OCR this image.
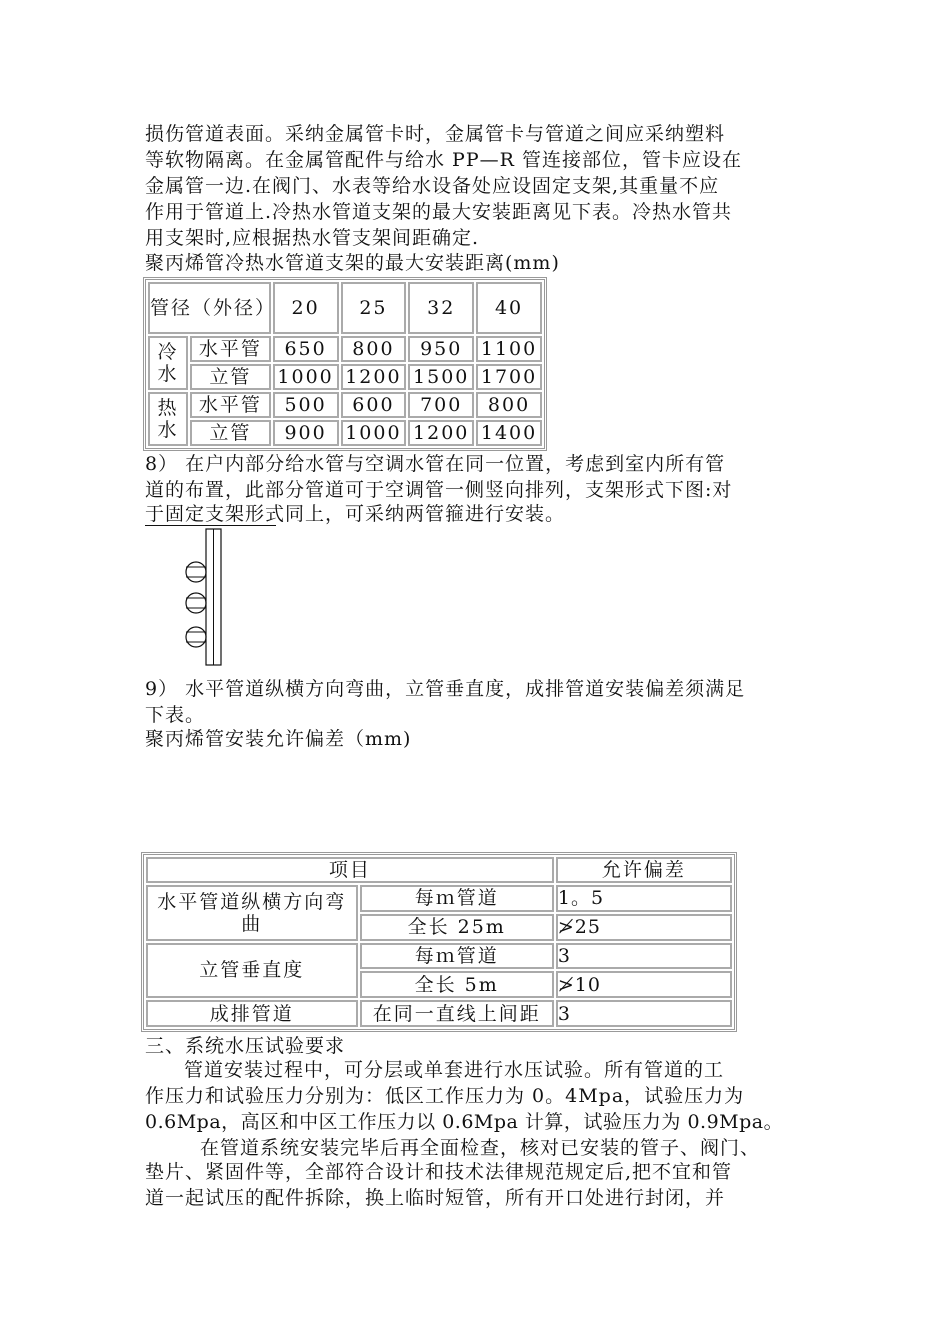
损伤管道表面。采纳金属管卡时，金属管卡与管道之间应采纳塑料
等软物隔离。在金属管配件与给水 PP—R 管连接部位，管卡应设在
金属管一边.在阀门、水表等给水设备处应设固定支架,其重量不应
作用于管道上.冷热水管道支架的最大安装距离见下表。冷热水管共
用支架时,应根据热水管支架间距确定.
聚丙烯管冷热水管道支架的最大安装距离(mm)
管径（外径）		20	25	32	40
冷水	水平管	650	800	950	1100
	立管	1000	1200	1500	1700
热水	水平管	500	600	700	800
	立管	900	1000	1200	1400
8） 在户内部分给水管与空调水管在同一位置，考虑到室内所有管
道的布置，此部分管道可于空调管一侧竖向排列，支架形式下图:对
于固定支架形式同上，可采纳两管箍进行安装。
9） 水平管道纵横方向弯曲，立管垂直度，成排管道安装偏差须满足
下表。
聚丙烯管安装允许偏差（mm)
项目		允许偏差
水平管道纵横方向弯曲	每ｍ管道	1。5
	全长 25m	≯25
立管垂直度	每ｍ管道	3
	全长 5m	≯10
成排管道	在同一直线上间距	3
三、系统水压试验要求
管道安装过程中，可分层或单套进行水压试验。所有管道的工
作压力和试验压力分别为：低区工作压力为 0。4Mpa，试验压力为
0.6Mpa，高区和中区工作压力以 0.6Mpa 计算，试验压力为 0.9Mpa。
在管道系统安装完毕后再全面检查，核对已安装的管子、阀门、
垫片、紧固件等，全部符合设计和技术法律规范规定后,把不宜和管
道一起试压的配件拆除，换上临时短管，所有开口处进行封闭，并
